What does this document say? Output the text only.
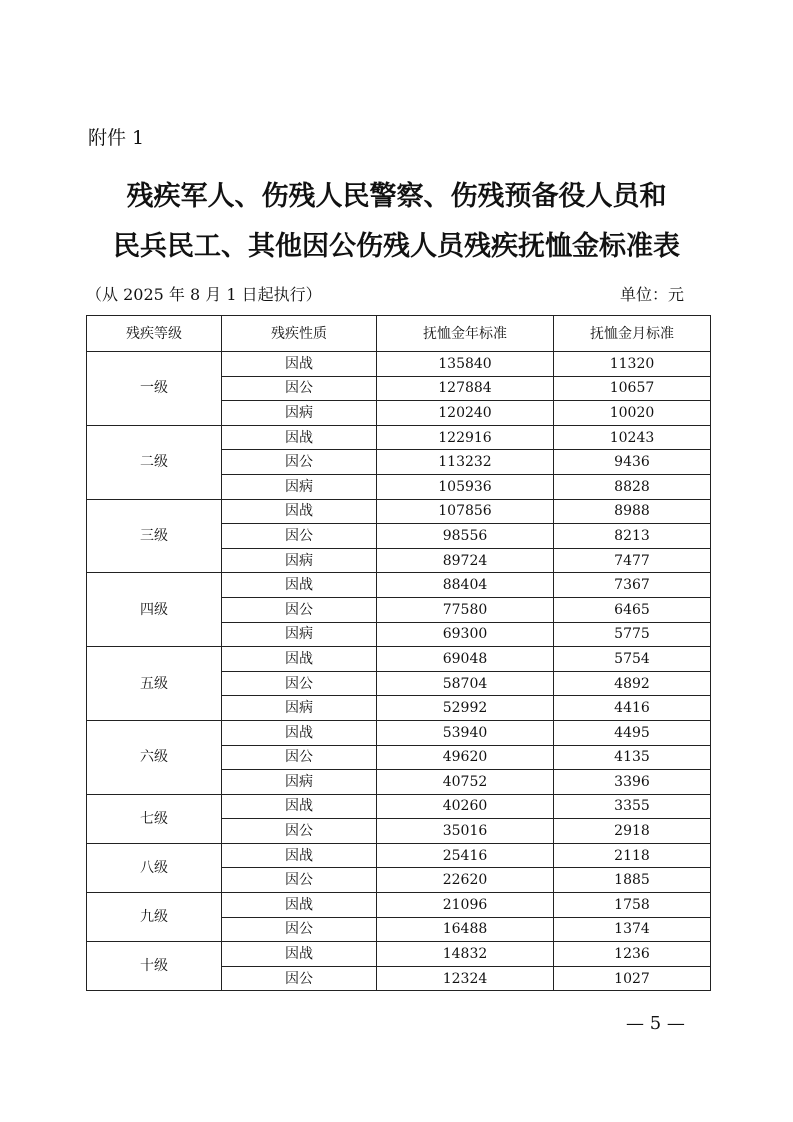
附件 1

残疾军人、伤残人民警察、伤残预备役人员和
民兵民工、其他因公伤残人员残疾抚恤金标准表
（从 2025 年 8 月 1 日起执行）	单位：元
残疾等级	残疾性质	抚恤金年标准	抚恤金月标准
一级	因战	135840	11320
	因公	127884	10657
	因病	120240	10020
二级	因战	122916	10243
	因公	113232	9436
	因病	105936	8828
三级	因战	107856	8988
	因公	98556	8213
	因病	89724	7477
四级	因战	88404	7367
	因公	77580	6465
	因病	69300	5775
五级	因战	69048	5754
	因公	58704	4892
	因病	52992	4416
六级	因战	53940	4495
	因公	49620	4135
	因病	40752	3396
七级	因战	40260	3355
	因公	35016	2918
八级	因战	25416	2118
	因公	22620	1885
九级	因战	21096	1758
	因公	16488	1374
十级	因战	14832	1236
	因公	12324	1027
— 5 —
